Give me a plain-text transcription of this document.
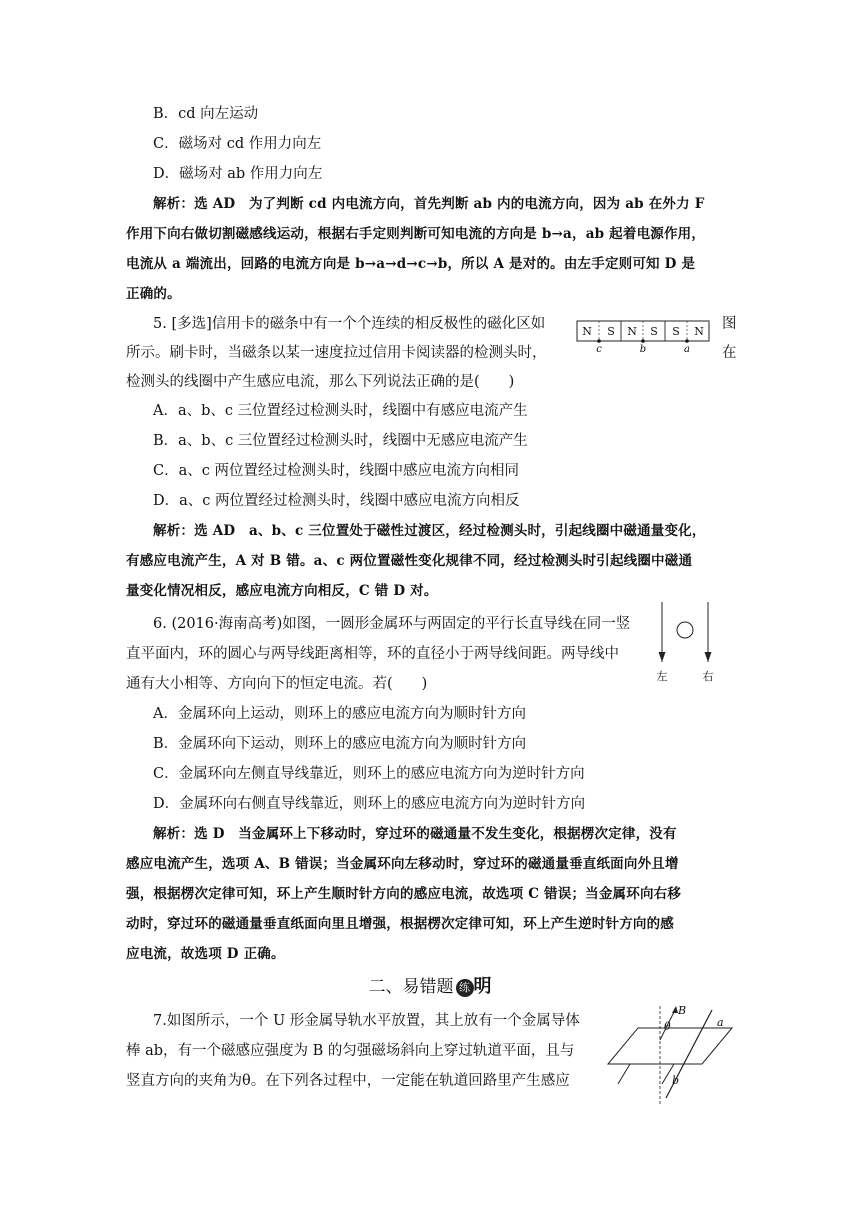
B．cd 向左运动
C．磁场对 cd 作用力向左
D．磁场对 ab 作用力向左
解析：选 AD　为了判断 cd 内电流方向，首先判断 ab 内的电流方向，因为 ab 在外力 F
作用下向右做切割磁感线运动，根据右手定则判断可知电流的方向是 b→a，ab 起着电源作用，
电流从 a 端流出，回路的电流方向是 b→a→d→c→b，所以 A 是对的。由左手定则可知 D 是
正确的。
5. [多选]信用卡的磁条中有一个个连续的相反极性的磁化区如	图
所示。刷卡时，当磁条以某一速度拉过信用卡阅读器的检测头时，	在
检测头的线圈中产生感应电流，那么下列说法正确的是(　　)
N S N S S N
c	b	a
A．a、b、c 三位置经过检测头时，线圈中有感应电流产生
B．a、b、c 三位置经过检测头时，线圈中无感应电流产生
C．a、c 两位置经过检测头时，线圈中感应电流方向相同
D．a、c 两位置经过检测头时，线圈中感应电流方向相反
解析：选 AD　a、b、c 三位置处于磁性过渡区，经过检测头时，引起线圈中磁通量变化，
有感应电流产生，A 对 B 错。a、c 两位置磁性变化规律不同，经过检测头时引起线圈中磁通
量变化情况相反，感应电流方向相反，C 错 D 对。
6. (2016·海南高考)如图，一圆形金属环与两固定的平行长直导线在同一竖
直平面内，环的圆心与两导线距离相等，环的直径小于两导线间距。两导线中
通有大小相等、方向向下的恒定电流。若(　　)	左	右
A．金属环向上运动，则环上的感应电流方向为顺时针方向
B．金属环向下运动，则环上的感应电流方向为顺时针方向
C．金属环向左侧直导线靠近，则环上的感应电流方向为逆时针方向
D．金属环向右侧直导线靠近，则环上的感应电流方向为逆时针方向
解析：选 D　当金属环上下移动时，穿过环的磁通量不发生变化，根据楞次定律，没有
感应电流产生，选项 A、B 错误；当金属环向左移动时，穿过环的磁通量垂直纸面向外且增
强，根据楞次定律可知，环上产生顺时针方向的感应电流，故选项 C 错误；当金属环向右移
动时，穿过环的磁通量垂直纸面向里且增强，根据楞次定律可知，环上产生逆时针方向的感
应电流，故选项 D 正确。
二、易错题 练 明
7.如图所示，一个 U 形金属导轨水平放置，其上放有一个金属导体
棒 ab，有一个磁感应强度为 B 的匀强磁场斜向上穿过轨道平面，且与
竖直方向的夹角为θ。在下列各过程中，一定能在轨道回路里产生感应
B
θ	a
b
